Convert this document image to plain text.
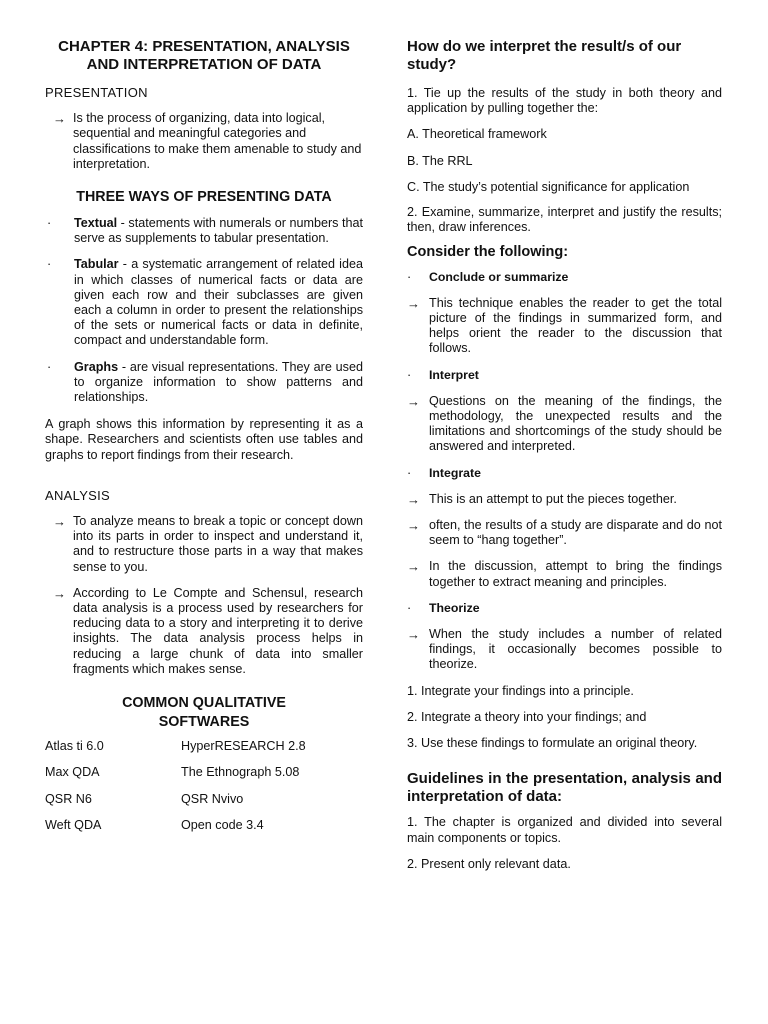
CHAPTER 4: PRESENTATION, ANALYSIS AND INTERPRETATION OF DATA
PRESENTATION
→ Is the process of organizing, data into logical, sequential and meaningful categories and classifications to make them amenable to study and interpretation.
THREE WAYS OF PRESENTING DATA
·	Textual - statements with numerals or numbers that serve as supplements to tabular presentation.
·	Tabular - a systematic arrangement of related idea in which classes of numerical facts or data are given each row and their subclasses are given each a column in order to present the relationships of the sets or numerical facts or data in definite, compact and understandable form.
·	Graphs - are visual representations. They are used to organize information to show patterns and relationships.

A graph shows this information by representing it as a shape. Researchers and scientists often use tables and graphs to report findings from their research.

ANALYSIS
→ To analyze means to break a topic or concept down into its parts in order to inspect and understand it, and to restructure those parts in a way that makes sense to you.
→ According to Le Compte and Schensul, research data analysis is a process used by researchers for reducing data to a story and interpreting it to derive insights. The data analysis process helps in reducing a large chunk of data into smaller fragments which makes sense.
COMMON QUALITATIVE SOFTWARES
Atlas ti 6.0	HyperRESEARCH 2.8
Max QDA	The Ethnograph 5.08
QSR N6	QSR Nvivo
Weft QDA	Open code 3.4
How do we interpret the result/s of our study?

1. Tie up the results of the study in both theory and application by pulling together the:

A. Theoretical framework

B. The RRL

C. The study’s potential significance for application

2. Examine, summarize, interpret and justify the results; then, draw inferences.

Consider the following:
·	Conclude or summarize
→ This technique enables the reader to get the total picture of the findings in summarized form, and helps orient the reader to the discussion that follows.
·	Interpret
→ Questions on the meaning of the findings, the methodology, the unexpected results and the limitations and shortcomings of the study should be answered and interpreted.
·	Integrate
→ This is an attempt to put the pieces together.
→ often, the results of a study are disparate and do not seem to “hang together”.
→ In the discussion, attempt to bring the findings together to extract meaning and principles.
·	Theorize
→ When the study includes a number of related findings, it occasionally becomes possible to theorize.

1. Integrate your findings into a principle.

2. Integrate a theory into your findings; and

3. Use these findings to formulate an original theory.

Guidelines in the presentation, analysis and interpretation of data:

1. The chapter is organized and divided into several main components or topics.

2. Present only relevant data.
